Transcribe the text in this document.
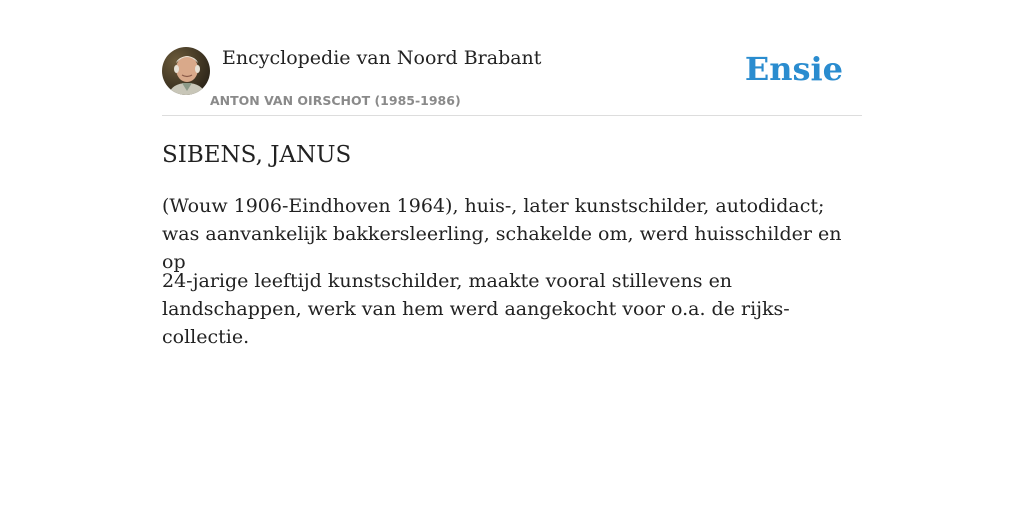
Encyclopedie van Noord Brabant
ANTON VAN OIRSCHOT (1985-1986)
Ensie
SIBENS, JANUS

(Wouw 1906-Eindhoven 1964), huis-, later kunstschilder, autodidact; was aanvankelijk bakkersleerling, schakelde om, werd huisschilder en op

24-jarige leeftijd kunstschilder, maakte vooral stillevens en landschappen, werk van hem werd aangekocht voor o.a. de rijks-collectie.
